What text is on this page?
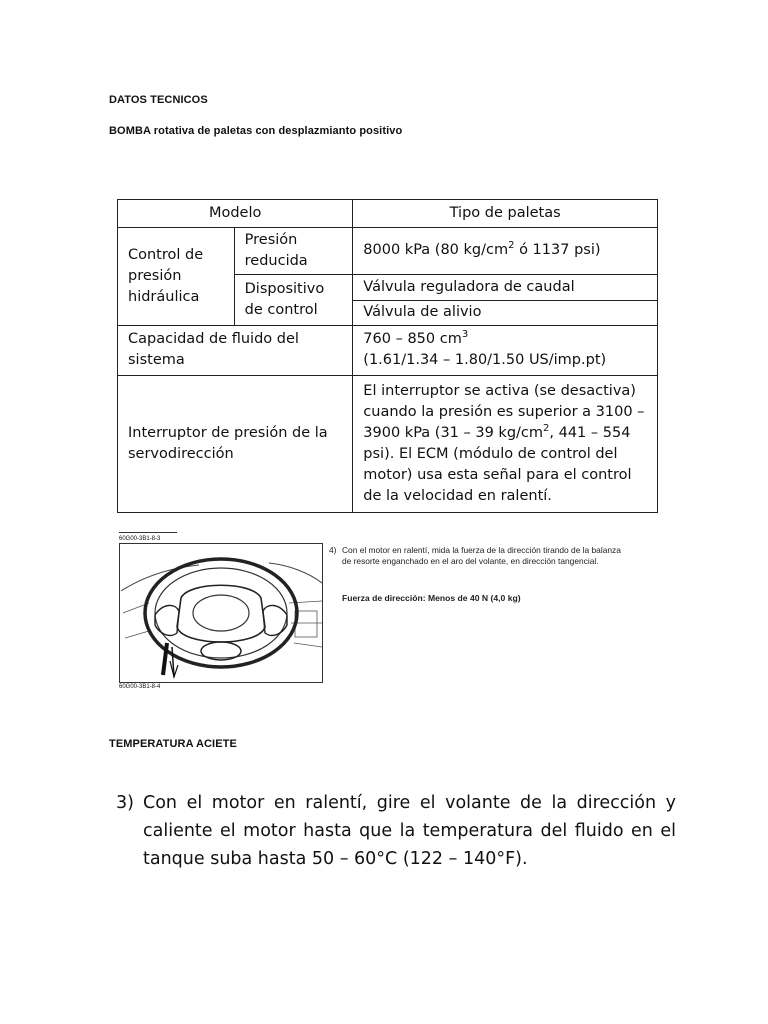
DATOS TECNICOS
BOMBA rotativa de paletas con desplazmianto positivo
Modelo		Tipo de paletas
Control de presión hidráulica	Presión reducida	8000 kPa (80 $kg/cm^2$ ó 1137 psi)
	Dispositivo de control	Válvula reguladora de caudal
		Válvula de alivio
Capacidad de fluido del sistema		760 – 850 $cm^3$
(1.61/1.34 – 1.80/1.50 US/imp.pt)
Interruptor de presión de la servodirección		El interruptor se activa (se desactiva) cuando la presión es superior a 3100 – 3900 kPa (31 – 39 $kg/cm^2$, 441 – 554 psi). El ECM (módulo de control del motor) usa esta señal para el control de la velocidad en ralentí.
60G00-3B1-8-3
60G00-3B1-8-4
4) Con el motor en ralentí, mida la fuerza de la dirección tirando de la balanza de resorte enganchado en el aro del volante, en dirección tangencial.
Fuerza de dirección: Menos de 40 N (4,0 kg)
TEMPERATURA ACIETE
3) Con el motor en ralentí, gire el volante de la dirección y caliente el motor hasta que la temperatura del fluido en el tanque suba hasta 50 – 60°C (122 – 140°F).
